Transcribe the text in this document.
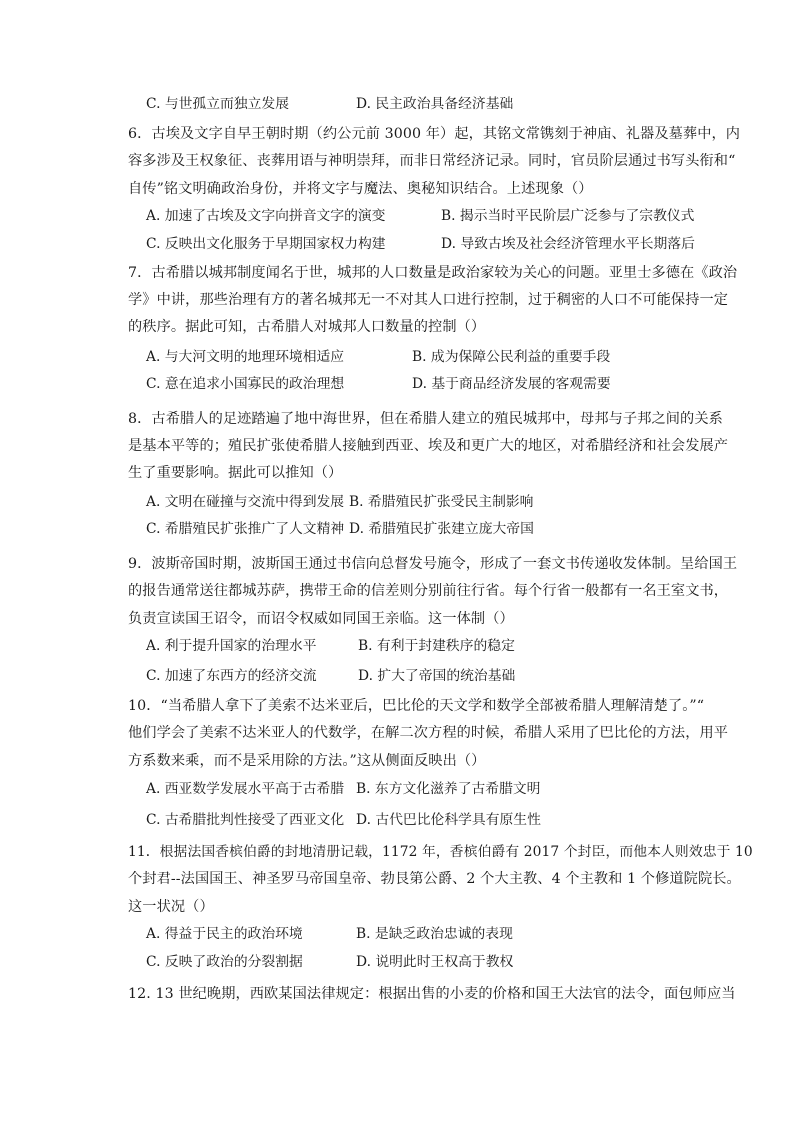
C. 与世孤立而独立发展	D. 民主政治具备经济基础
6．古埃及文字自早王朝时期（约公元前 3000 年）起，其铭文常镌刻于神庙、礼器及墓葬中，内
容多涉及王权象征、丧葬用语与神明崇拜，而非日常经济记录。同时，官员阶层通过书写头衔和“
自传”铭文明确政治身份，并将文字与魔法、奥秘知识结合。上述现象（）
A. 加速了古埃及文字向拼音文字的演变	B. 揭示当时平民阶层广泛参与了宗教仪式
C. 反映出文化服务于早期国家权力构建	D. 导致古埃及社会经济管理水平长期落后
7．古希腊以城邦制度闻名于世，城邦的人口数量是政治家较为关心的问题。亚里士多德在《政治
学》中讲，那些治理有方的著名城邦无一不对其人口进行控制，过于稠密的人口不可能保持一定
的秩序。据此可知，古希腊人对城邦人口数量的控制（）
A. 与大河文明的地理环境相适应	B. 成为保障公民利益的重要手段
C. 意在追求小国寡民的政治理想	D. 基于商品经济发展的客观需要
8．古希腊人的足迹踏遍了地中海世界，但在希腊人建立的殖民城邦中，母邦与子邦之间的关系
是基本平等的；殖民扩张使希腊人接触到西亚、埃及和更广大的地区，对希腊经济和社会发展产
生了重要影响。据此可以推知（）
A. 文明在碰撞与交流中得到发展 B. 希腊殖民扩张受民主制影响
C. 希腊殖民扩张推广了人文精神 D. 希腊殖民扩张建立庞大帝国
9．波斯帝国时期，波斯国王通过书信向总督发号施令，形成了一套文书传递收发体制。呈给国王
的报告通常送往都城苏萨，携带王命的信差则分别前往行省。每个行省一般都有一名王室文书，
负责宣读国王诏令，而诏令权威如同国王亲临。这一体制（）
A. 利于提升国家的治理水平	B. 有利于封建秩序的稳定
C. 加速了东西方的经济交流	D. 扩大了帝国的统治基础
10．“当希腊人拿下了美索不达米亚后，巴比伦的天文学和数学全部被希腊人理解清楚了。”“
他们学会了美索不达米亚人的代数学，在解二次方程的时候，希腊人采用了巴比伦的方法，用平
方系数来乘，而不是采用除的方法。”这从侧面反映出（）
A. 西亚数学发展水平高于古希腊 B. 东方文化滋养了古希腊文明
C. 古希腊批判性接受了西亚文化 D. 古代巴比伦科学具有原生性
11．根据法国香槟伯爵的封地清册记载，1172 年，香槟伯爵有 2017 个封臣，而他本人则效忠于 10
个封君--法国国王、神圣罗马帝国皇帝、勃艮第公爵、2 个大主教、4 个主教和 1 个修道院院长。
这一状况（）
A. 得益于民主的政治环境	B. 是缺乏政治忠诚的表现
C. 反映了政治的分裂割据	D. 说明此时王权高于教权
12. 13 世纪晚期，西欧某国法律规定：根据出售的小麦的价格和国王大法官的法令，面包师应当
